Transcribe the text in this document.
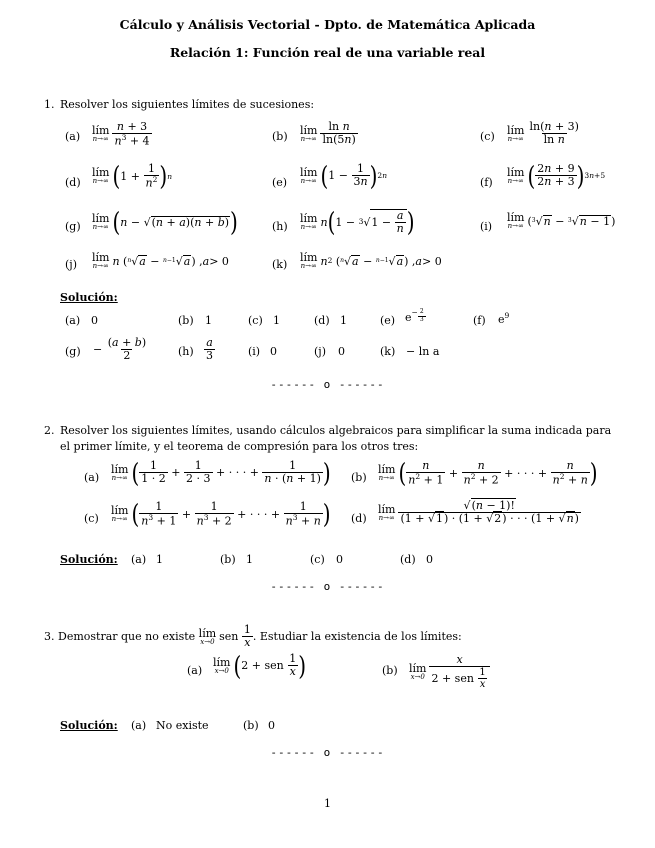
Cálculo y Análisis Vectorial - Dpto. de Matemática Aplicada
Relación 1: Función real de una variable real
1. Resolver los siguientes límites de sucesiones:
(a) lím
$n\to\infty \frac{n + 3}{n^3 + 4}$	(b) lím
$n\to\infty \frac{\text{ln n}}{\ln(5n)}$	(c) lím
$n\to\infty \frac{\ln(n + 3)}{\text{ln n}}$
(d)
lím
n→∞ ( $1 + \frac{1}{n^2}$ ) n	(e)
lím
n→∞ ( $1 - \frac{1}{3n}$ ) 2n
(f)
lím
n→∞ ( $\frac{2n + 9}{2n + 3}$ ) 3n+5
(g)
lím
n→∞ ( n − √ (n + a)(n + b) )	(h)
lím
n→∞ n ( 1 − 3 √ $1 - \frac{a}{n}$ )	(i)
lím
n→∞ ( 3 √ n − 3 √ n − 1 )
(j)
lím
n→∞ n ( n √ a − n−1 √ a ) , a > 0	(k)
lím
n→∞ n 2 ( n √ a − n−1 √ a ) , a > 0
Solución:
(a) 0	(b) 1	(c) 1	(d) 1	(e) $e^{- \frac{2}{3}}$	(f) $e^9$
(g) −
$\frac{(a + b)}{2}$	$(h) \frac{a}{3}$	(i) 0	(j) 0	(k) − ln a
------ o ------
2. Resolver los siguientes límites, usando cálculos algebraicos para simplificar la suma indicada para el primer límite, y el teorema de compresión para los otros tres:
(a)
lím
n→∞ ( $\frac{1}{1 \cdot 2} + \frac{1}{2 \cdot 3}$ + · · · + $\frac{1}{n \cdot (n + 1)}$ ) (b)
lím
n→∞ ( $\frac{n}{n^2 + 1} + \frac{n}{n^2 + 2}$ + · · · + $\frac{n}{n^2 + n}$ )
(c)
lím
n→∞ ( $\frac{1}{n^3 + 1} + \frac{1}{n^3 + 2}$ + · · · + $\frac{1}{n^3 + n}$ ) (d)
lím
$n\to\infty \frac{√(n - 1)!}{(1 + √1) \cdot (1 + √2) \cdot \cdot \cdot (1 + √n)}$
Solución: (a) 1	(b) 1	(c) 0	(d) 0
------ o ------
3.
Demostrar que no existe
lím
x→0 sen $\frac{1}{x}$ . Estudiar la existencia de los límites:
(a)
lím
x→0 ( 2 + sen $\frac{1}{x}$ )	(b) lím
$x\to 0 \frac{x}{2 + sen \frac{1}{x}}$
Solución: (a) No existe	(b) 0
------ o ------
1
